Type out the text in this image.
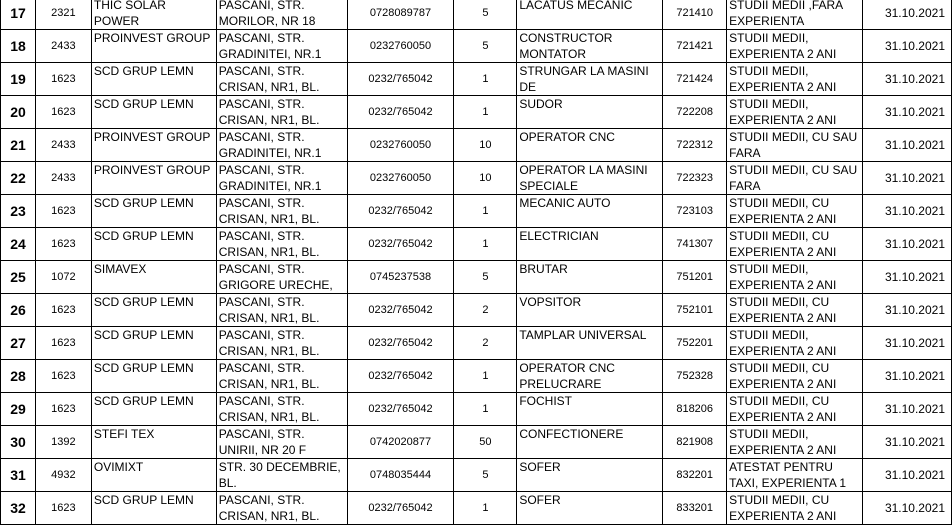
17	2321	THIC SOLAR POWER	PASCANI, STR. MORILOR, NR 18	0728089787	5	LACATUS MECANIC	721410	STUDII MEDII ,FARA EXPERIENTA	31.10.2021
18	2433	PROINVEST GROUP	PASCANI, STR. GRADINITEI, NR.1	0232760050	5	CONSTRUCTOR MONTATOR	721421	STUDII MEDII, EXPERIENTA 2 ANI	31.10.2021
19	1623	SCD GRUP LEMN	PASCANI, STR. CRISAN, NR1, BL.	0232/765042	1	STRUNGAR LA MASINI DE	721424	STUDII MEDII, EXPERIENTA 2 ANI	31.10.2021
20	1623	SCD GRUP LEMN	PASCANI, STR. CRISAN, NR1, BL.	0232/765042	1	SUDOR	722208	STUDII MEDII, EXPERIENTA 2 ANI	31.10.2021
21	2433	PROINVEST GROUP	PASCANI, STR. GRADINITEI, NR.1	0232760050	10	OPERATOR CNC	722312	STUDII MEDII, CU SAU FARA	31.10.2021
22	2433	PROINVEST GROUP	PASCANI, STR. GRADINITEI, NR.1	0232760050	10	OPERATOR LA MASINI SPECIALE	722323	STUDII MEDII, CU SAU FARA	31.10.2021
23	1623	SCD GRUP LEMN	PASCANI, STR. CRISAN, NR1, BL.	0232/765042	1	MECANIC AUTO	723103	STUDII MEDII, CU EXPERIENTA 2 ANI	31.10.2021
24	1623	SCD GRUP LEMN	PASCANI, STR. CRISAN, NR1, BL.	0232/765042	1	ELECTRICIAN	741307	STUDII MEDII, CU EXPERIENTA 2 ANI	31.10.2021
25	1072	SIMAVEX	PASCANI, STR. GRIGORE URECHE,	0745237538	5	BRUTAR	751201	STUDII MEDII, EXPERIENTA 2 ANI	31.10.2021
26	1623	SCD GRUP LEMN	PASCANI, STR. CRISAN, NR1, BL.	0232/765042	2	VOPSITOR	752101	STUDII MEDII, CU EXPERIENTA 2 ANI	31.10.2021
27	1623	SCD GRUP LEMN	PASCANI, STR. CRISAN, NR1, BL.	0232/765042	2	TAMPLAR UNIVERSAL	752201	STUDII MEDII, EXPERIENTA 2 ANI	31.10.2021
28	1623	SCD GRUP LEMN	PASCANI, STR. CRISAN, NR1, BL.	0232/765042	1	OPERATOR CNC PRELUCRARE	752328	STUDII MEDII, CU EXPERIENTA 2 ANI	31.10.2021
29	1623	SCD GRUP LEMN	PASCANI, STR. CRISAN, NR1, BL.	0232/765042	1	FOCHIST	818206	STUDII MEDII, CU EXPERIENTA 2 ANI	31.10.2021
30	1392	STEFI TEX	PASCANI, STR. UNIRII, NR 20 F	0742020877	50	CONFECTIONERE	821908	STUDII MEDII, EXPERIENTA 2 ANI	31.10.2021
31	4932	OVIMIXT	STR. 30 DECEMBRIE, BL.	0748035444	5	SOFER	832201	ATESTAT PENTRU TAXI, EXPERIENTA 1	31.10.2021
32	1623	SCD GRUP LEMN	PASCANI, STR. CRISAN, NR1, BL.	0232/765042	1	SOFER	833201	STUDII MEDII, CU EXPERIENTA 2 ANI	31.10.2021
